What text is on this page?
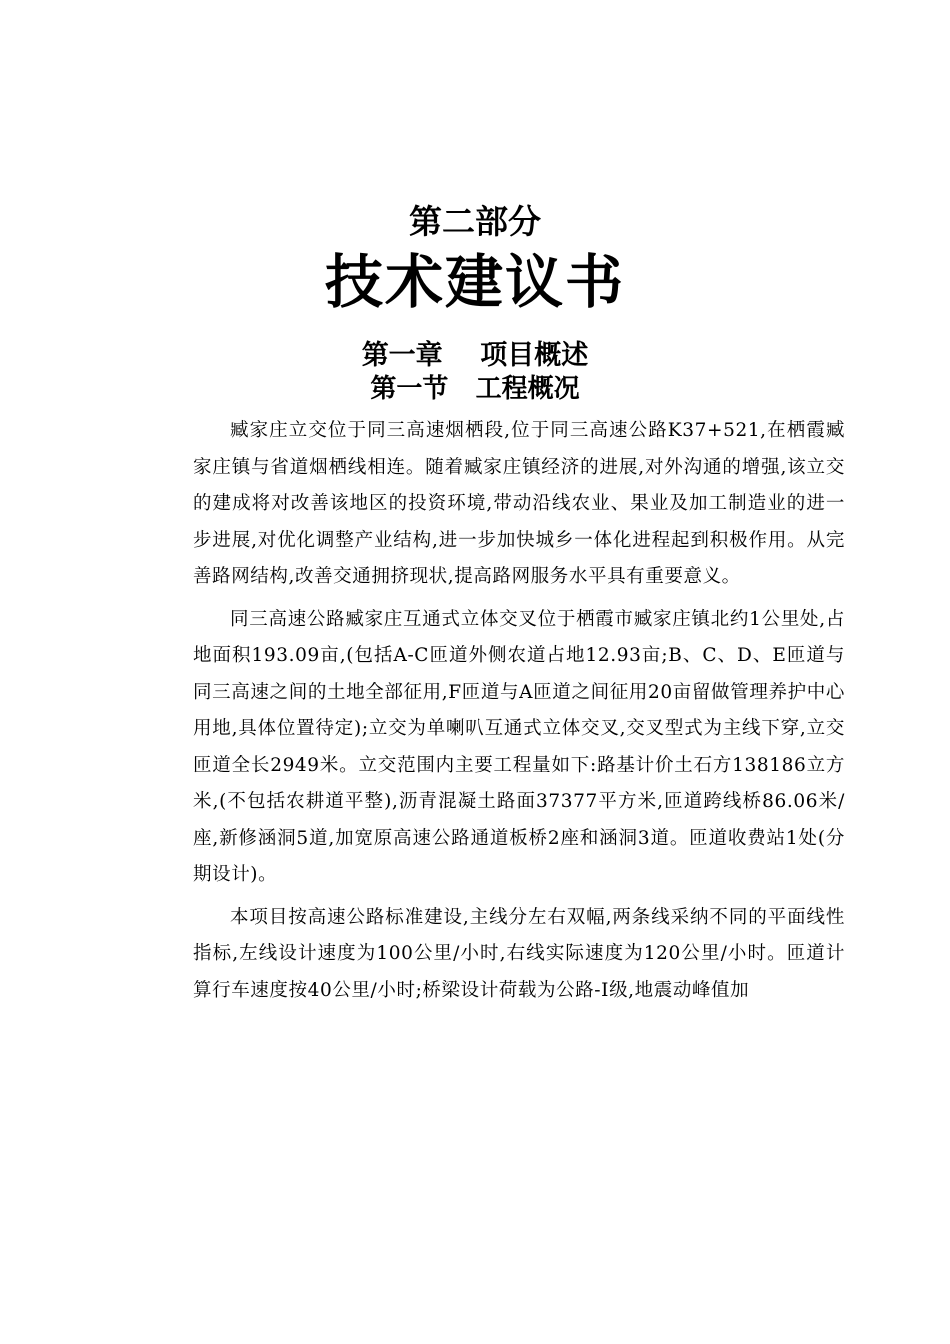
第二部分
技术建议书
第一章    项目概述
第一节   工程概况

臧家庄立交位于同三高速烟栖段,位于同三高速公路K37+521,在栖霞臧家庄镇与省道烟栖线相连。随着臧家庄镇经济的进展,对外沟通的增强,该立交的建成将对改善该地区的投资环境,带动沿线农业、果业及加工制造业的进一步进展,对优化调整产业结构,进一步加快城乡一体化进程起到积极作用。从完善路网结构,改善交通拥挤现状,提高路网服务水平具有重要意义。

同三高速公路臧家庄互通式立体交叉位于栖霞市臧家庄镇北约1公里处,占地面积193.09亩,(包括A-C匝道外侧农道占地12.93亩;B、C、D、E匝道与同三高速之间的土地全部征用,F匝道与A匝道之间征用20亩留做管理养护中心用地,具体位置待定);立交为单喇叭互通式立体交叉,交叉型式为主线下穿,立交匝道全长2949米。立交范围内主要工程量如下:路基计价土石方138186立方米,(不包括农耕道平整),沥青混凝土路面37377平方米,匝道跨线桥86.06米/座,新修涵洞5道,加宽原高速公路通道板桥2座和涵洞3道。匝道收费站1处(分期设计)。

本项目按高速公路标准建设,主线分左右双幅,两条线采纳不同的平面线性指标,左线设计速度为100公里/小时,右线实际速度为120公里/小时。匝道计算行车速度按40公里/小时;桥梁设计荷载为公路-Ⅰ级,地震动峰值加
